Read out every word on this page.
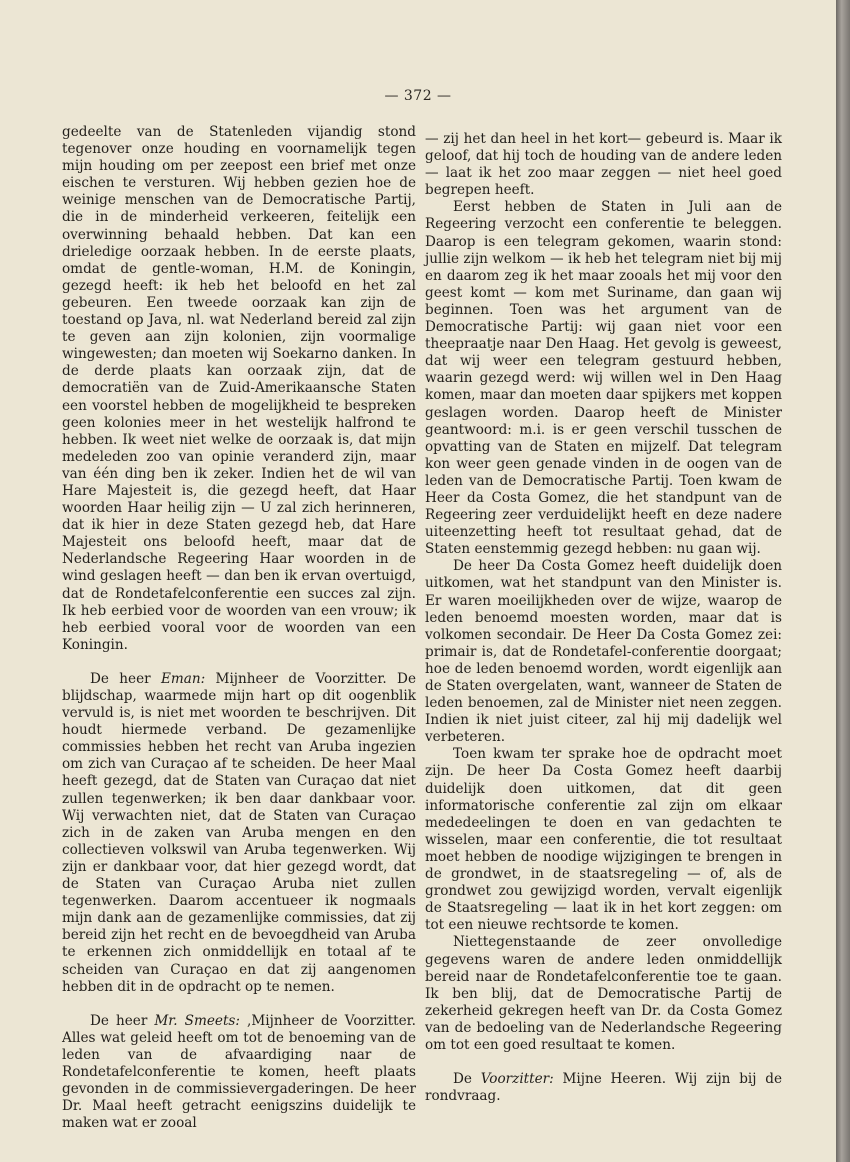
— 372 —

gedeelte van de Statenleden vijandig stond tegenover onze houding en voornamelijk tegen mijn houding om per zeepost een brief met onze eischen te versturen. Wij hebben gezien hoe de weinige menschen van de Democratische Partij, die in de minderheid verkeeren, feitelijk een overwinning behaald hebben. Dat kan een drieledige oorzaak hebben. In de eerste plaats, omdat de gentle-woman, H.M. de Koningin, gezegd heeft: ik heb het beloofd en het zal gebeuren. Een tweede oorzaak kan zijn de toestand op Java, nl. wat Nederland bereid zal zijn te geven aan zijn kolonien, zijn voormalige wingewesten; dan moeten wij Soekarno danken. In de derde plaats kan oorzaak zijn, dat de democratiën van de Zuid-Amerikaansche Staten een voorstel hebben de mogelijkheid te bespreken geen kolonies meer in het westelijk halfrond te hebben. Ik weet niet welke de oorzaak is, dat mijn medeleden zoo van opinie veranderd zijn, maar van één ding ben ik zeker. Indien het de wil van Hare Majesteit is, die gezegd heeft, dat Haar woorden Haar heilig zijn — U zal zich herinneren, dat ik hier in deze Staten gezegd heb, dat Hare Majesteit ons beloofd heeft, maar dat de Nederlandsche Regeering Haar woorden in de wind geslagen heeft — dan ben ik ervan overtuigd, dat de Rondetafelconferentie een succes zal zijn. Ik heb eerbied voor de woorden van een vrouw; ik heb eerbied vooral voor de woorden van een Koningin.

De heer Eman: Mijnheer de Voorzitter. De blijdschap, waarmede mijn hart op dit oogenblik vervuld is, is niet met woorden te beschrijven. Dit houdt hiermede verband. De gezamenlijke commissies hebben het recht van Aruba ingezien om zich van Curaçao af te scheiden. De heer Maal heeft gezegd, dat de Staten van Curaçao dat niet zullen tegenwerken; ik ben daar dankbaar voor. Wij verwachten niet, dat de Staten van Curaçao zich in de zaken van Aruba mengen en den collectieven volkswil van Aruba tegenwerken. Wij zijn er dankbaar voor, dat hier gezegd wordt, dat de Staten van Curaçao Aruba niet zullen tegenwerken. Daarom accentueer ik nogmaals mijn dank aan de gezamenlijke commissies, dat zij bereid zijn het recht en de bevoegdheid van Aruba te erkennen zich onmiddellijk en totaal af te scheiden van Curaçao en dat zij aangenomen hebben dit in de opdracht op te nemen.

De heer Mr. Smeets: ,Mijnheer de Voorzitter. Alles wat geleid heeft om tot de benoeming van de leden van de afvaardiging naar de Rondetafelconferentie te komen, heeft plaats gevonden in de commissievergaderingen. De heer Dr. Maal heeft getracht eenigszins duidelijk te maken wat er zooal

— zij het dan heel in het kort— gebeurd is. Maar ik geloof, dat hij toch de houding van de andere leden — laat ik het zoo maar zeggen — niet heel goed begrepen heeft.

Eerst hebben de Staten in Juli aan de Regeering verzocht een conferentie te beleggen. Daarop is een telegram gekomen, waarin stond: jullie zijn welkom — ik heb het telegram niet bij mij en daarom zeg ik het maar zooals het mij voor den geest komt — kom met Suriname, dan gaan wij beginnen. Toen was het argument van de Democratische Partij: wij gaan niet voor een theepraatje naar Den Haag. Het gevolg is geweest, dat wij weer een telegram gestuurd hebben, waarin gezegd werd: wij willen wel in Den Haag komen, maar dan moeten daar spijkers met koppen geslagen worden. Daarop heeft de Minister geantwoord: m.i. is er geen verschil tusschen de opvatting van de Staten en mijzelf. Dat telegram kon weer geen genade vinden in de oogen van de leden van de Democratische Partij. Toen kwam de Heer da Costa Gomez, die het standpunt van de Regeering zeer verduidelijkt heeft en deze nadere uiteenzetting heeft tot resultaat gehad, dat de Staten eenstemmig gezegd hebben: nu gaan wij.

De heer Da Costa Gomez heeft duidelijk doen uitkomen, wat het standpunt van den Minister is. Er waren moeilijkheden over de wijze, waarop de leden benoemd moesten worden, maar dat is volkomen secondair. De Heer Da Costa Gomez zei: primair is, dat de Rondetafel-conferentie doorgaat; hoe de leden benoemd worden, wordt eigenlijk aan de Staten overgelaten, want, wanneer de Staten de leden benoemen, zal de Minister niet neen zeggen. Indien ik niet juist citeer, zal hij mij dadelijk wel verbeteren.

Toen kwam ter sprake hoe de opdracht moet zijn. De heer Da Costa Gomez heeft daarbij duidelijk doen uitkomen, dat dit geen informatorische conferentie zal zijn om elkaar mededeelingen te doen en van gedachten te wisselen, maar een conferentie, die tot resultaat moet hebben de noodige wijzigingen te brengen in de grondwet, in de staatsregeling — of, als de grondwet zou gewijzigd worden, vervalt eigenlijk de Staatsregeling — laat ik in het kort zeggen: om tot een nieuwe rechtsorde te komen.

Niettegenstaande de zeer onvolledige gegevens waren de andere leden onmiddellijk bereid naar de Rondetafelconferentie toe te gaan. Ik ben blij, dat de Democratische Partij de zekerheid gekregen heeft van Dr. da Costa Gomez van de bedoeling van de Nederlandsche Regeering om tot een goed resultaat te komen.

De Voorzitter: Mijne Heeren. Wij zijn bij de rondvraag.
